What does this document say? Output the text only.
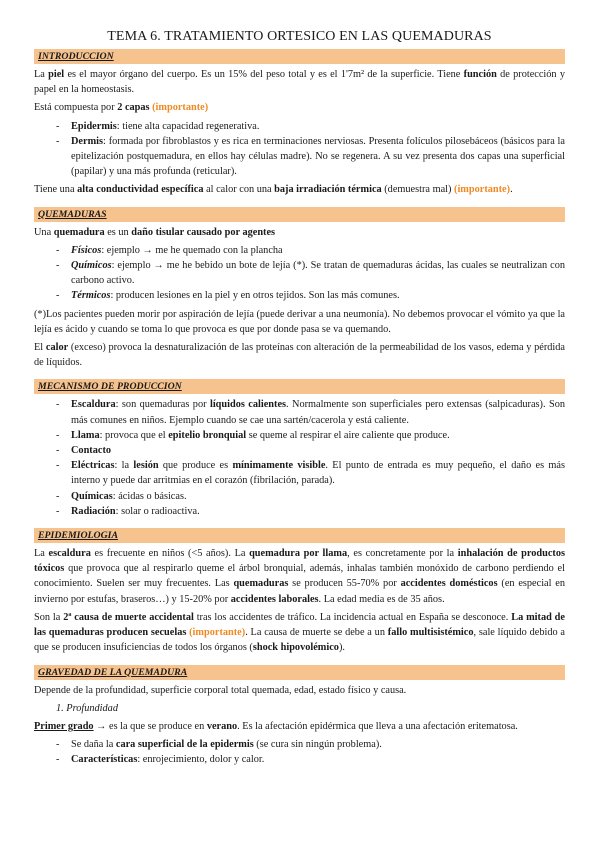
TEMA 6. TRATAMIENTO ORTESICO EN LAS QUEMADURAS
INTRODUCCION

La piel es el mayor órgano del cuerpo. Es un 15% del peso total y es el 1'7m² de la superficie. Tiene función de protección y papel en la homeostasis.

Está compuesta por 2 capas (importante)

- Epidermis: tiene alta capacidad regenerativa.
- Dermis: formada por fibroblastos y es rica en terminaciones nerviosas. Presenta folículos pilosebáceos (básicos para la epitelización postquemadura, en ellos hay células madre). No se regenera. A su vez presenta dos capas una superficial (papilar) y una más profunda (reticular).

Tiene una alta conductividad específica al calor con una baja irradiación térmica (demuestra mal) (importante).

QUEMADURAS

Una quemadura es un daño tisular causado por agentes

- Físicos: ejemplo → me he quemado con la plancha
- Químicos: ejemplo → me he bebido un bote de lejía (*). Se tratan de quemaduras ácidas, las cuales se neutralizan con carbono activo.
- Térmicos: producen lesiones en la piel y en otros tejidos. Son las más comunes.

(*)Los pacientes pueden morir por aspiración de lejía (puede derivar a una neumonía). No debemos provocar el vómito ya que la lejía es ácido y cuando se toma lo que provoca es que por donde pasa se va quemando.

El calor (exceso) provoca la desnaturalización de las proteínas con alteración de la permeabilidad de los vasos, edema y pérdida de líquidos.

MECANISMO DE PRODUCCION
- Escaldura: son quemaduras por líquidos calientes. Normalmente son superficiales pero extensas (salpicaduras). Son más comunes en niños. Ejemplo cuando se cae una sartén/cacerola y está caliente.
- Llama: provoca que el epitelio bronquial se queme al respirar el aire caliente que produce.
- Contacto
- Eléctricas: la lesión que produce es mínimamente visible. El punto de entrada es muy pequeño, el daño es más interno y puede dar arritmias en el corazón (fibrilación, parada).
- Químicas: ácidas o básicas.
- Radiación: solar o radioactiva.
EPIDEMIOLOGIA

La escaldura es frecuente en niños (<5 años). La quemadura por llama, es concretamente por la inhalación de productos tóxicos que provoca que al respirarlo queme el árbol bronquial, además, inhalas también monóxido de carbono perdiendo el conocimiento. Suelen ser muy frecuentes. Las quemaduras se producen 55-70% por accidentes domésticos (en especial en invierno por estufas, braseros…) y 15-20% por accidentes laborales. La edad media es de 35 años.

Son la 2ª causa de muerte accidental tras los accidentes de tráfico. La incidencia actual en España se desconoce. La mitad de las quemaduras producen secuelas (importante). La causa de muerte se debe a un fallo multisistémico, sale líquido debido a que se producen insuficiencias de todos los órganos (shock hipovolémico).

GRAVEDAD DE LA QUEMADURA

Depende de la profundidad, superficie corporal total quemada, edad, estado físico y causa.

1. Profundidad

Primer grado → es la que se produce en verano. Es la afectación epidérmica que lleva a una afectación eritematosa.

- Se daña la cara superficial de la epidermis (se cura sin ningún problema).
- Características: enrojecimiento, dolor y calor.
